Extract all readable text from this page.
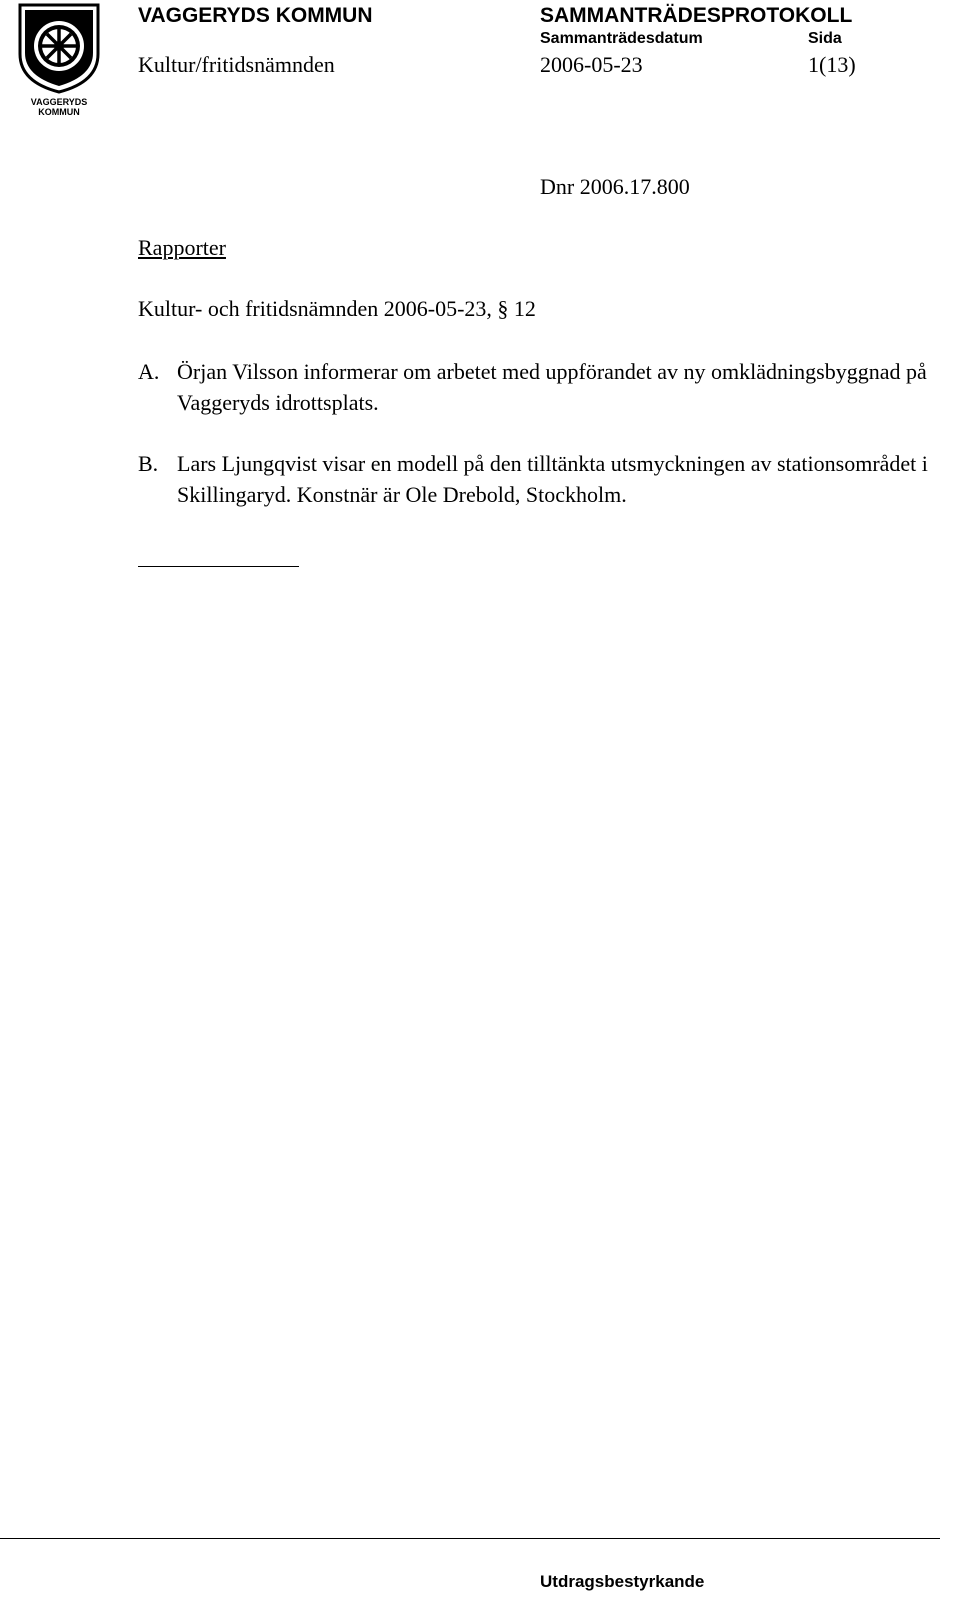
VAGGERYDS KOMMUN
VAGGERYDS KOMMUN	SAMMANTRÄDESPROTOKOLL
Sammanträdesdatum	Sida
Kultur/fritidsnämnden	2006-05-23	1(13)
Dnr 2006.17.800
Rapporter
Kultur- och fritidsnämnden 2006-05-23, § 12
A. Örjan Vilsson informerar om arbetet med uppförandet av ny omklädningsbyggnad på Vaggeryds idrottsplats.
B. Lars Ljungqvist visar en modell på den tilltänkta utsmyckningen av stationsområdet i Skillingaryd. Konstnär är Ole Drebold, Stockholm.
Utdragsbestyrkande
